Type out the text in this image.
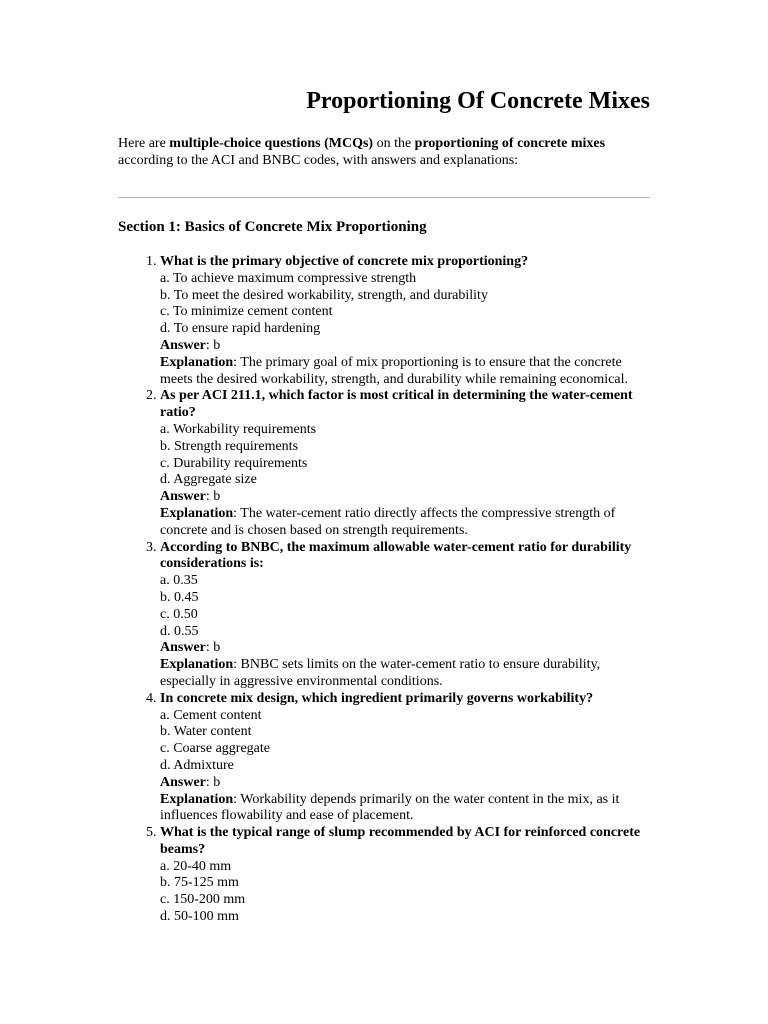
Proportioning Of Concrete Mixes

Here are multiple-choice questions (MCQs) on the proportioning of concrete mixes according to the ACI and BNBC codes, with answers and explanations:

Section 1: Basics of Concrete Mix Proportioning
1. What is the primary objective of concrete mix proportioning?
a. To achieve maximum compressive strength
b. To meet the desired workability, strength, and durability
c. To minimize cement content
d. To ensure rapid hardening
Answer: b
Explanation: The primary goal of mix proportioning is to ensure that the concrete meets the desired workability, strength, and durability while remaining economical.
2. As per ACI 211.1, which factor is most critical in determining the water-cement ratio?
a. Workability requirements
b. Strength requirements
c. Durability requirements
d. Aggregate size
Answer: b
Explanation: The water-cement ratio directly affects the compressive strength of concrete and is chosen based on strength requirements.
3. According to BNBC, the maximum allowable water-cement ratio for durability considerations is:
a. 0.35
b. 0.45
c. 0.50
d. 0.55
Answer: b
Explanation: BNBC sets limits on the water-cement ratio to ensure durability, especially in aggressive environmental conditions.
4. In concrete mix design, which ingredient primarily governs workability?
a. Cement content
b. Water content
c. Coarse aggregate
d. Admixture
Answer: b
Explanation: Workability depends primarily on the water content in the mix, as it influences flowability and ease of placement.
5. What is the typical range of slump recommended by ACI for reinforced concrete beams?
a. 20-40 mm
b. 75-125 mm
c. 150-200 mm
d. 50-100 mm
